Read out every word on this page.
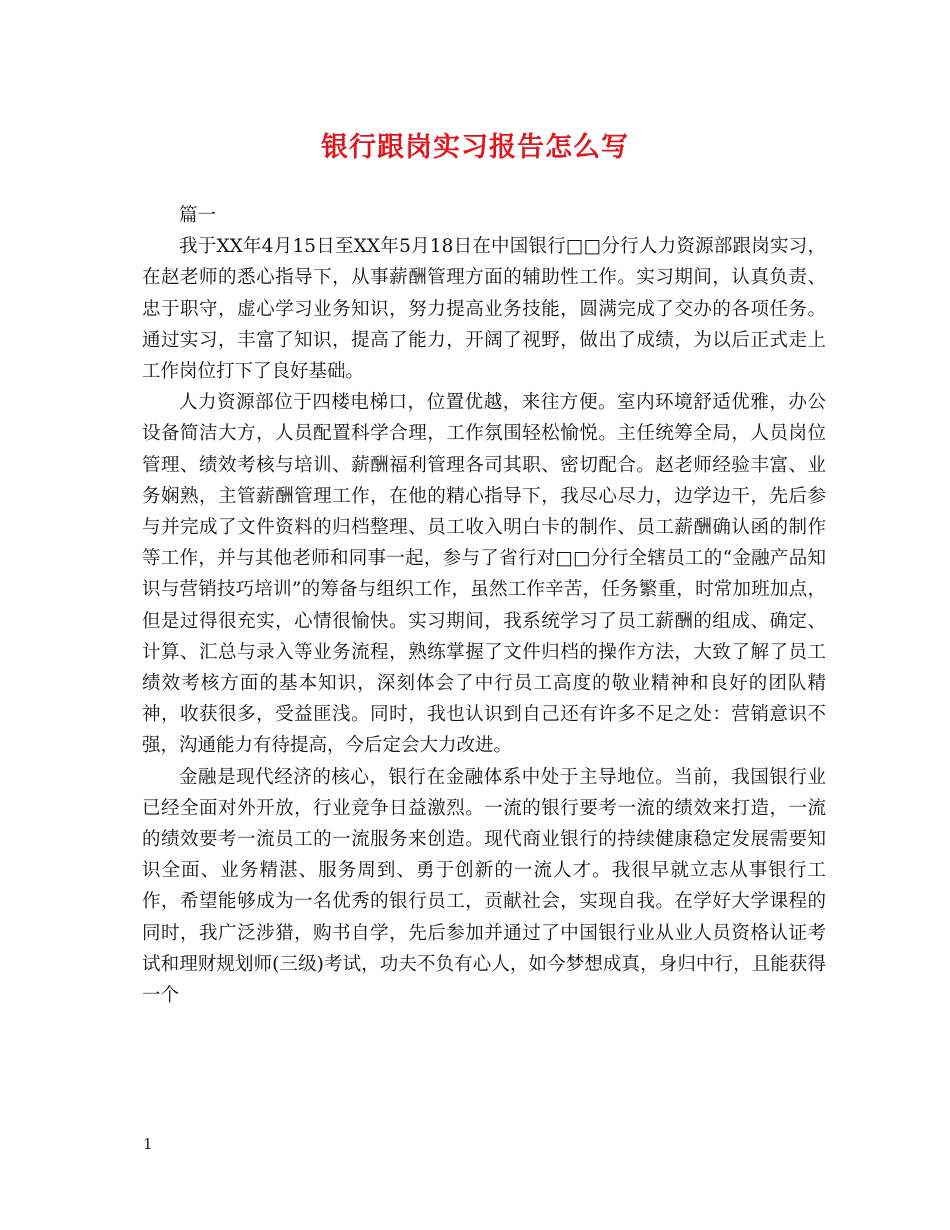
银行跟岗实习报告怎么写

篇一

我于XX年4月15日至XX年5月18日在中国银行□□分行人力资源部跟岗实习，在赵老师的悉心指导下，从事薪酬管理方面的辅助性工作。实习期间，认真负责、忠于职守，虚心学习业务知识，努力提高业务技能，圆满完成了交办的各项任务。通过实习，丰富了知识，提高了能力，开阔了视野，做出了成绩，为以后正式走上工作岗位打下了良好基础。

人力资源部位于四楼电梯口，位置优越，来往方便。室内环境舒适优雅，办公设备简洁大方，人员配置科学合理，工作氛围轻松愉悦。主任统筹全局，人员岗位管理、绩效考核与培训、薪酬福利管理各司其职、密切配合。赵老师经验丰富、业务娴熟，主管薪酬管理工作，在他的精心指导下，我尽心尽力，边学边干，先后参与并完成了文件资料的归档整理、员工收入明白卡的制作、员工薪酬确认函的制作等工作，并与其他老师和同事一起，参与了省行对□□分行全辖员工的“金融产品知识与营销技巧培训”的筹备与组织工作，虽然工作辛苦，任务繁重，时常加班加点，但是过得很充实，心情很愉快。实习期间，我系统学习了员工薪酬的组成、确定、计算、汇总与录入等业务流程，熟练掌握了文件归档的操作方法，大致了解了员工绩效考核方面的基本知识，深刻体会了中行员工高度的敬业精神和良好的团队精神，收获很多，受益匪浅。同时，我也认识到自己还有许多不足之处：营销意识不强，沟通能力有待提高，今后定会大力改进。

金融是现代经济的核心，银行在金融体系中处于主导地位。当前，我国银行业已经全面对外开放，行业竞争日益激烈。一流的银行要考一流的绩效来打造，一流的绩效要考一流员工的一流服务来创造。现代商业银行的持续健康稳定发展需要知识全面、业务精湛、服务周到、勇于创新的一流人才。我很早就立志从事银行工作，希望能够成为一名优秀的银行员工，贡献社会，实现自我。在学好大学课程的同时，我广泛涉猎，购书自学，先后参加并通过了中国银行业从业人员资格认证考试和理财规划师(三级)考试，功夫不负有心人，如今梦想成真，身归中行，且能获得一个

1
